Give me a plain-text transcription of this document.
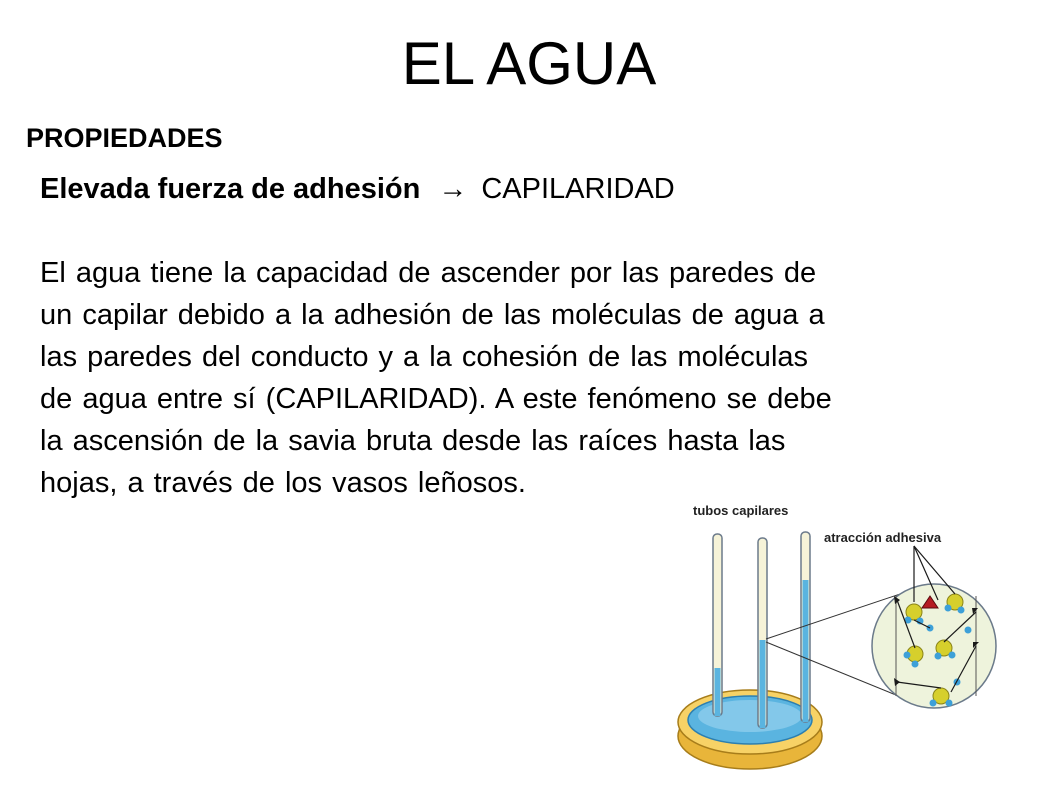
EL AGUA
PROPIEDADES
Elevada fuerza de adhesión → CAPILARIDAD
El agua tiene la capacidad de ascender por las paredes de
un capilar debido a la adhesión de las moléculas de agua a
las paredes del conducto y a la cohesión de las moléculas
de agua entre sí (CAPILARIDAD). A este fenómeno se debe
la ascensión de la savia bruta desde las raíces hasta las
hojas, a través de los vasos leñosos.
tubos capilares
atracción adhesiva
